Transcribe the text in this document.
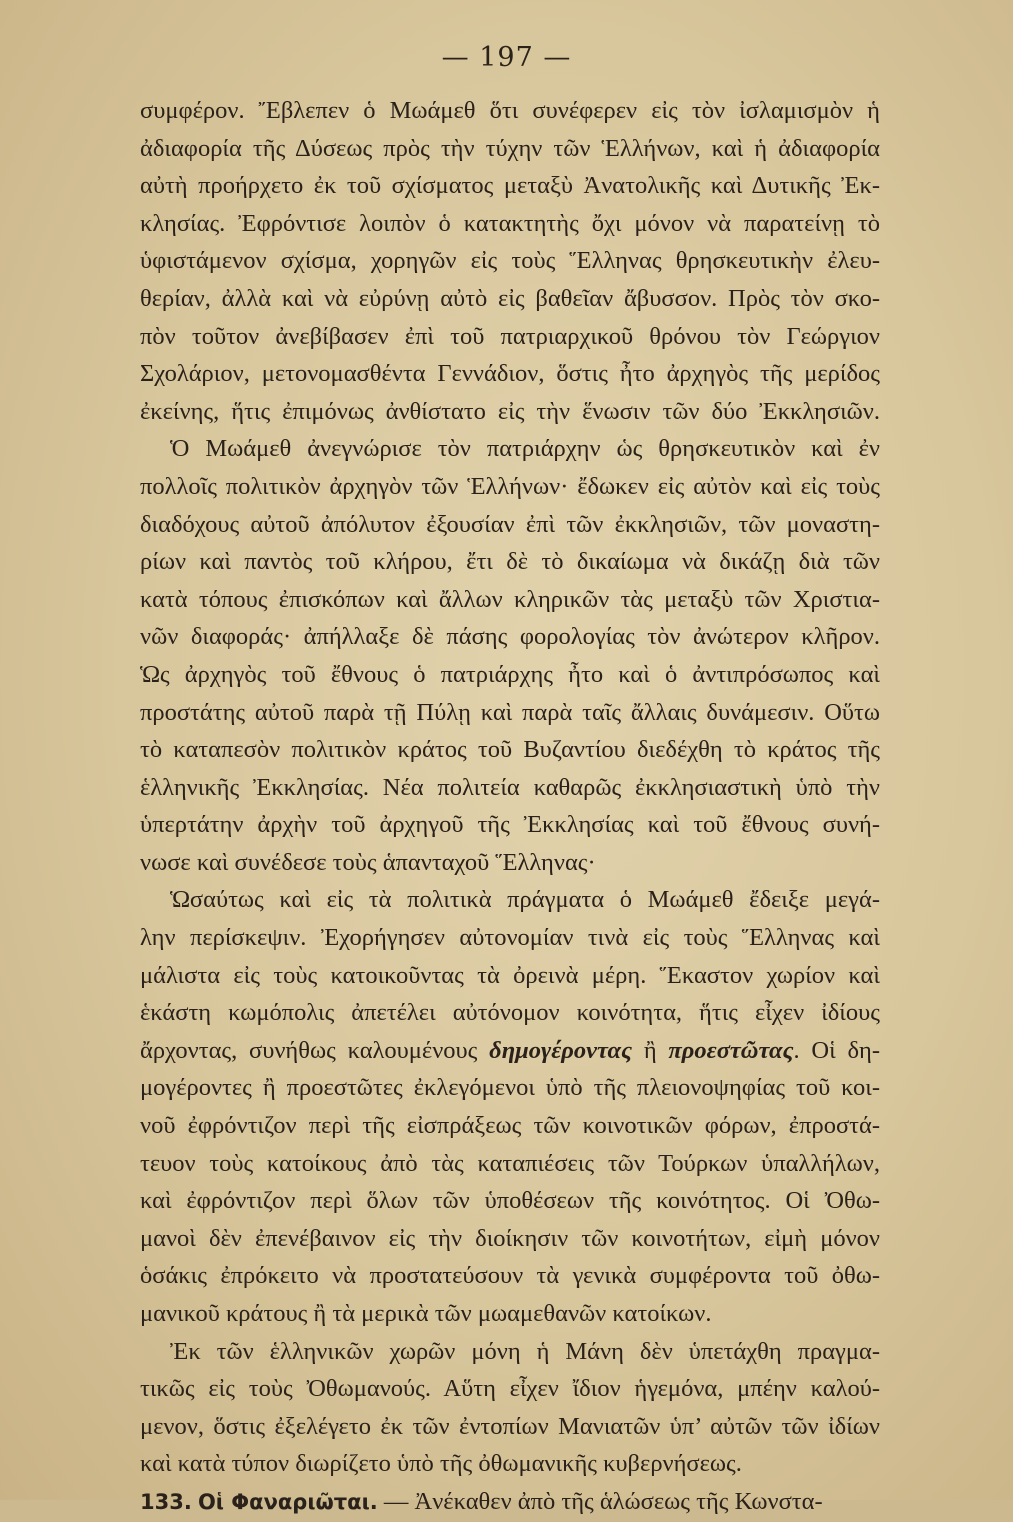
— 197 —
συμφέρον. Ἔβλεπεν ὁ Μωάμεθ ὅτι συνέφερεν εἰς τὸν ἰσλαμισμὸν ἡ
ἀδιαφορία τῆς Δύσεως πρὸς τὴν τύχην τῶν Ἑλλήνων, καὶ ἡ ἀδιαφορία
αὐτὴ προήρχετο ἐκ τοῦ σχίσματος μεταξὺ Ἀνατολικῆς καὶ Δυτικῆς Ἐκ-
κλησίας. Ἐφρόντισε λοιπὸν ὁ κατακτητὴς ὄχι μόνον νὰ παρατείνῃ τὸ
ὑφιστάμενον σχίσμα, χορηγῶν εἰς τοὺς Ἕλληνας θρησκευτικὴν ἐλευ-
θερίαν, ἀλλὰ καὶ νὰ εὐρύνῃ αὐτὸ εἰς βαθεῖαν ἄβυσσον. Πρὸς τὸν σκο-
πὸν τοῦτον ἀνεβίβασεν ἐπὶ τοῦ πατριαρχικοῦ θρόνου τὸν Γεώργιον
Σχολάριον, μετονομασθέντα Γεννάδιον, ὅστις ἦτο ἀρχηγὸς τῆς μερίδος
ἐκείνης, ἥτις ἐπιμόνως ἀνθίστατο εἰς τὴν ἕνωσιν τῶν δύο Ἐκκλησιῶν.
Ὁ Μωάμεθ ἀνεγνώρισε τὸν πατριάρχην ὡς θρησκευτικὸν καὶ ἐν
πολλοῖς πολιτικὸν ἀρχηγὸν τῶν Ἑλλήνων· ἔδωκεν εἰς αὐτὸν καὶ εἰς τοὺς
διαδόχους αὐτοῦ ἀπόλυτον ἐξουσίαν ἐπὶ τῶν ἐκκλησιῶν, τῶν μοναστη-
ρίων καὶ παντὸς τοῦ κλήρου, ἔτι δὲ τὸ δικαίωμα νὰ δικάζῃ διὰ τῶν
κατὰ τόπους ἐπισκόπων καὶ ἄλλων κληρικῶν τὰς μεταξὺ τῶν Χριστια-
νῶν διαφοράς· ἀπήλλαξε δὲ πάσης φορολογίας τὸν ἀνώτερον κλῆρον.
Ὡς ἀρχηγὸς τοῦ ἔθνους ὁ πατριάρχης ἦτο καὶ ὁ ἀντιπρόσωπος καὶ
προστάτης αὐτοῦ παρὰ τῇ Πύλῃ καὶ παρὰ ταῖς ἄλλαις δυνάμεσιν. Οὕτω
τὸ καταπεσὸν πολιτικὸν κράτος τοῦ Βυζαντίου διεδέχθη τὸ κράτος τῆς
ἑλληνικῆς Ἐκκλησίας. Νέα πολιτεία καθαρῶς ἐκκλησιαστικὴ ὑπὸ τὴν
ὑπερτάτην ἀρχὴν τοῦ ἀρχηγοῦ τῆς Ἐκκλησίας καὶ τοῦ ἔθνους συνή-
νωσε καὶ συνέδεσε τοὺς ἁπανταχοῦ Ἕλληνας·
Ὡσαύτως καὶ εἰς τὰ πολιτικὰ πράγματα ὁ Μωάμεθ ἔδειξε μεγά-
λην περίσκεψιν. Ἐχορήγησεν αὐτονομίαν τινὰ εἰς τοὺς Ἕλληνας καὶ
μάλιστα εἰς τοὺς κατοικοῦντας τὰ ὀρεινὰ μέρη. Ἕκαστον χωρίον καὶ
ἑκάστη κωμόπολις ἀπετέλει αὐτόνομον κοινότητα, ἥτις εἶχεν ἰδίους
ἄρχοντας, συνήθως καλουμένους δημογέροντας ἢ προεστῶτας. Οἱ δη-
μογέροντες ἢ προεστῶτες ἐκλεγόμενοι ὑπὸ τῆς πλειονοψηφίας τοῦ κοι-
νοῦ ἐφρόντιζον περὶ τῆς εἰσπράξεως τῶν κοινοτικῶν φόρων, ἐπροστά-
τευον τοὺς κατοίκους ἀπὸ τὰς καταπιέσεις τῶν Τούρκων ὑπαλλήλων,
καὶ ἐφρόντιζον περὶ ὅλων τῶν ὑποθέσεων τῆς κοινότητος. Οἱ Ὀθω-
μανοὶ δὲν ἐπενέβαινον εἰς τὴν διοίκησιν τῶν κοινοτήτων, εἰμὴ μόνον
ὁσάκις ἐπρόκειτο νὰ προστατεύσουν τὰ γενικὰ συμφέροντα τοῦ ὀθω-
μανικοῦ κράτους ἢ τὰ μερικὰ τῶν μωαμεθανῶν κατοίκων.
Ἐκ τῶν ἑλληνικῶν χωρῶν μόνη ἡ Μάνη δὲν ὑπετάχθη πραγμα-
τικῶς εἰς τοὺς Ὀθωμανούς. Αὕτη εἶχεν ἴδιον ἡγεμόνα, μπέην καλού-
μενον, ὅστις ἐξελέγετο ἐκ τῶν ἐντοπίων Μανιατῶν ὑπ’ αὐτῶν τῶν ἰδίων
καὶ κατὰ τύπον διωρίζετο ὑπὸ τῆς ὀθωμανικῆς κυβερνήσεως.
133. Οἱ Φαναριῶται. — Ἀνέκαθεν ἀπὸ τῆς ἁλώσεως τῆς Κωνστα-
